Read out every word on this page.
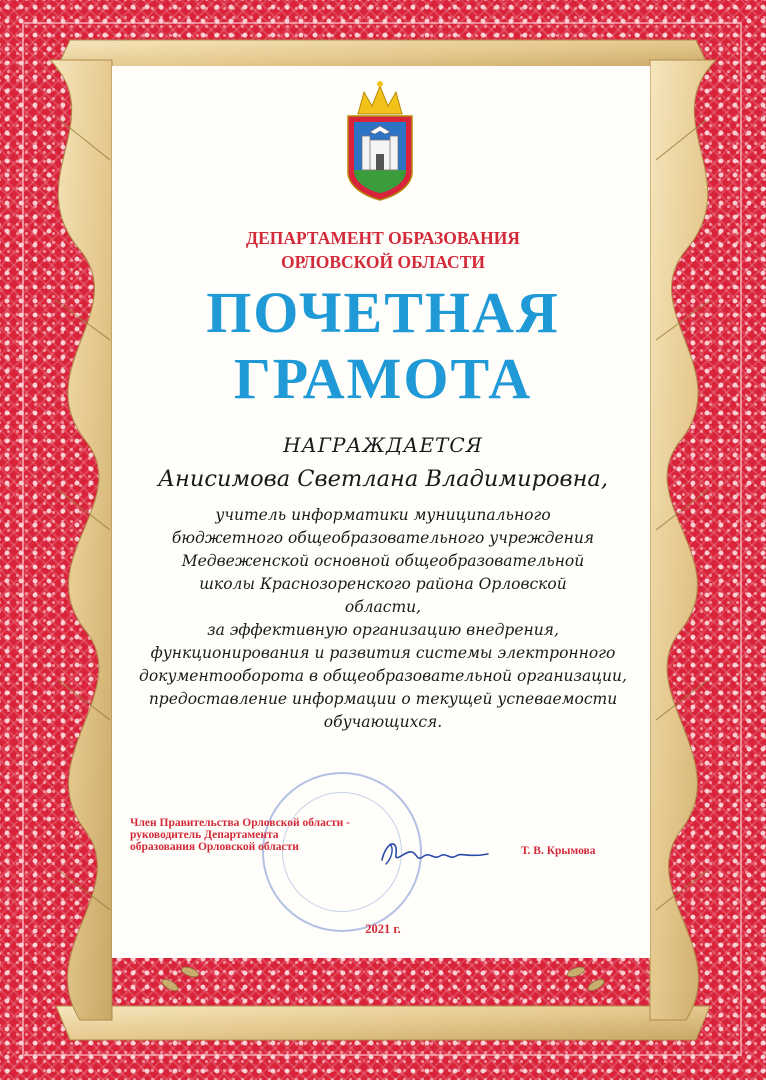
ДЕПАРТАМЕНТ ОБРАЗОВАНИЯ
ОРЛОВСКОЙ ОБЛАСТИ
ПОЧЕТНАЯ
ГРАМОТА
НАГРАЖДАЕТСЯ
Анисимова Светлана Владимировна,
учитель информатики муниципального
бюджетного общеобразовательного учреждения
Медвеженской основной общеобразовательной
школы Краснозоренского района Орловской
области,
за эффективную организацию внедрения,
функционирования и развития системы электронного
документооборота в общеобразовательной организации,
предоставление информации о текущей успеваемости
обучающихся.
Член Правительства Орловской области -
руководитель Департамента
образования Орловской области	Т. В. Крымова
2021 г.
